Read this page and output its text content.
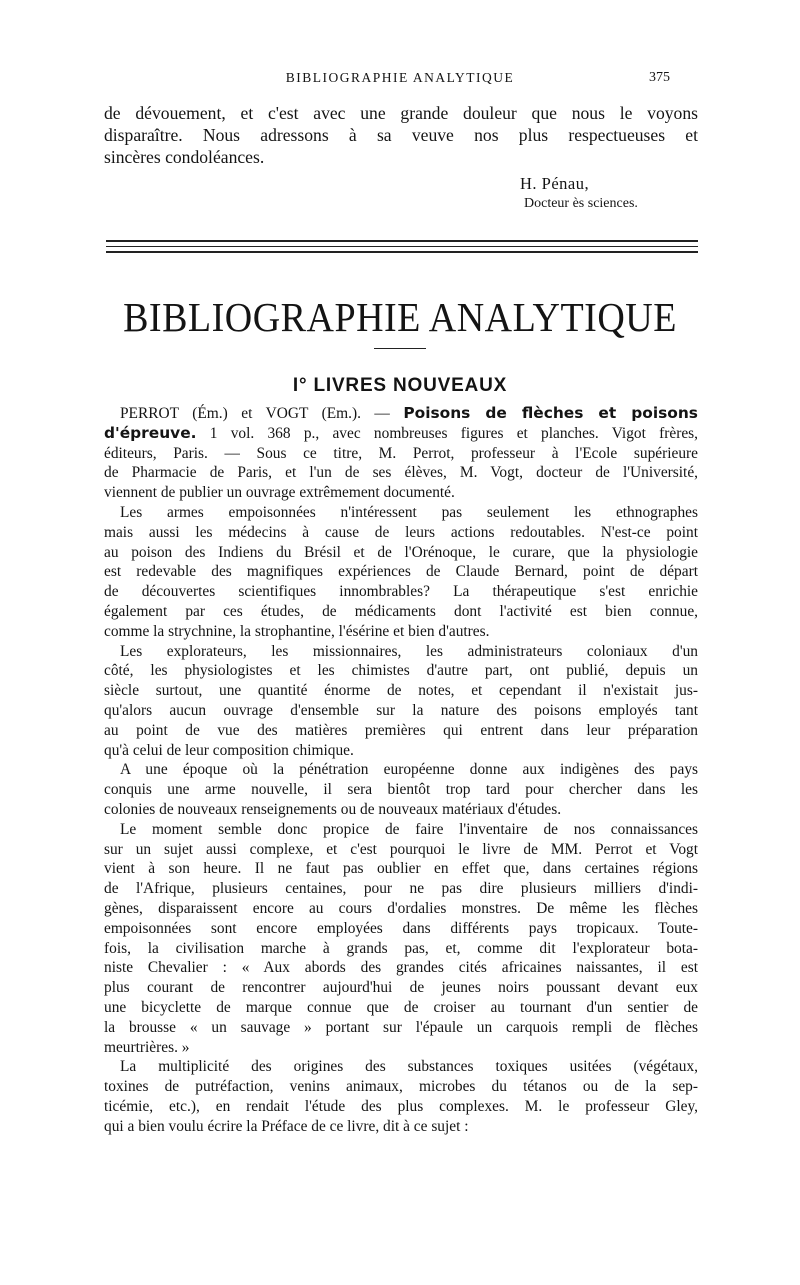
BIBLIOGRAPHIE ANALYTIQUE	375
de dévouement, et c'est avec une grande douleur que nous le voyons
disparaître. Nous adressons à sa veuve nos plus respectueuses et
sincères condoléances.
H. Pénau,
Docteur ès sciences.
BIBLIOGRAPHIE ANALYTIQUE
I° LIVRES NOUVEAUX
PERROT (Ém.) et VOGT (Em.). — Poisons de flèches et poisons
d'épreuve. 1 vol. 368 p., avec nombreuses figures et planches. Vigot frères,
éditeurs, Paris. — Sous ce titre, M. Perrot, professeur à l'Ecole supérieure
de Pharmacie de Paris, et l'un de ses élèves, M. Vogt, docteur de l'Université,
viennent de publier un ouvrage extrêmement documenté.
Les armes empoisonnées n'intéressent pas seulement les ethnographes
mais aussi les médecins à cause de leurs actions redoutables. N'est-ce point
au poison des Indiens du Brésil et de l'Orénoque, le curare, que la physiologie
est redevable des magnifiques expériences de Claude Bernard, point de départ
de découvertes scientifiques innombrables? La thérapeutique s'est enrichie
également par ces études, de médicaments dont l'activité est bien connue,
comme la strychnine, la strophantine, l'ésérine et bien d'autres.
Les explorateurs, les missionnaires, les administrateurs coloniaux d'un
côté, les physiologistes et les chimistes d'autre part, ont publié, depuis un
siècle surtout, une quantité énorme de notes, et cependant il n'existait jus-
qu'alors aucun ouvrage d'ensemble sur la nature des poisons employés tant
au point de vue des matières premières qui entrent dans leur préparation
qu'à celui de leur composition chimique.
A une époque où la pénétration européenne donne aux indigènes des pays
conquis une arme nouvelle, il sera bientôt trop tard pour chercher dans les
colonies de nouveaux renseignements ou de nouveaux matériaux d'études.
Le moment semble donc propice de faire l'inventaire de nos connaissances
sur un sujet aussi complexe, et c'est pourquoi le livre de MM. Perrot et Vogt
vient à son heure. Il ne faut pas oublier en effet que, dans certaines régions
de l'Afrique, plusieurs centaines, pour ne pas dire plusieurs milliers d'indi-
gènes, disparaissent encore au cours d'ordalies monstres. De même les flèches
empoisonnées sont encore employées dans différents pays tropicaux. Toute-
fois, la civilisation marche à grands pas, et, comme dit l'explorateur bota-
niste Chevalier : « Aux abords des grandes cités africaines naissantes, il est
plus courant de rencontrer aujourd'hui de jeunes noirs poussant devant eux
une bicyclette de marque connue que de croiser au tournant d'un sentier de
la brousse « un sauvage » portant sur l'épaule un carquois rempli de flèches
meurtrières. »
La multiplicité des origines des substances toxiques usitées (végétaux,
toxines de putréfaction, venins animaux, microbes du tétanos ou de la sep-
ticémie, etc.), en rendait l'étude des plus complexes. M. le professeur Gley,
qui a bien voulu écrire la Préface de ce livre, dit à ce sujet :
